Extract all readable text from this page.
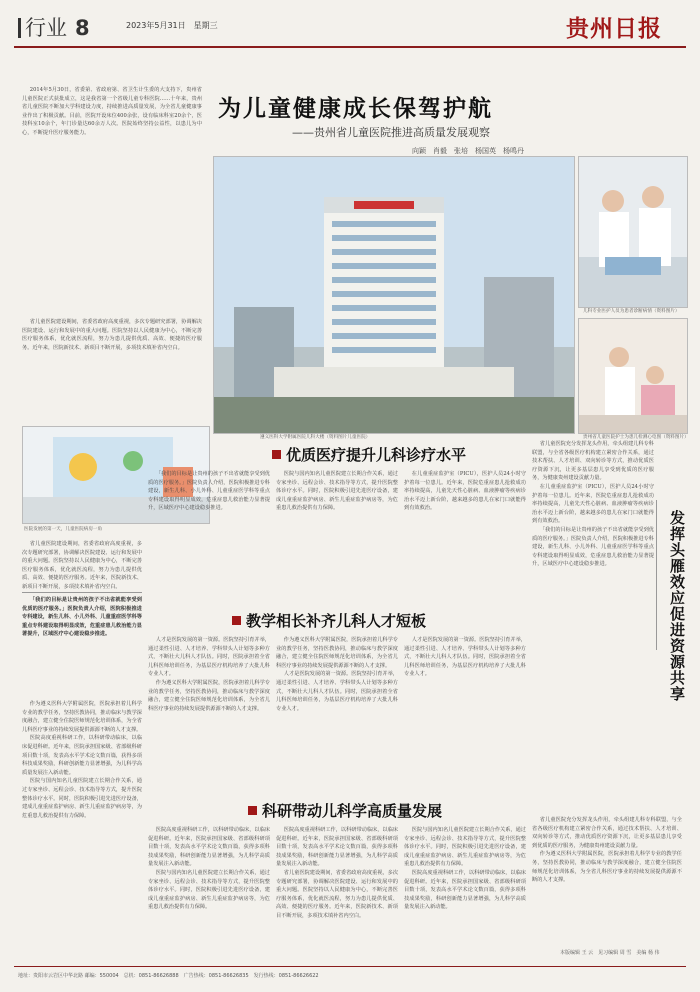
行业 8	2023年5月31日　星期三	贵州日报

2014年5月30日，省委第、省政府第、省卫生计生委的大支持下，贵州省儿童医院正式获批成立，这是我省第一个省级儿童专科医院……十年来，贵州省儿童医院不断加大学科建设力度，持续推进高质量发展，为全省儿童健康事业作出了积极贡献。目前，医院开设床位400余张，设有临床科室20余个，医技科室10余个，年门诊量达60余万人次。医院始终坚持公益性，以患儿为中心，不断提升医疗服务能力。

省儿童医院建设期间，省委省政府高度重视，多次专题研究部署，协调解决医院建设、运行和发展中的重大问题。医院坚持以人民健康为中心，不断完善医疗服务体系，优化就医流程，努力为患儿提供优质、高效、便捷的医疗服务。近年来，医院新技术、新项目不断开展，多项技术填补省内空白。

为儿童健康成长保驾护航
——贵州省儿童医院推进高质量发展观察
向颖　肖毅　张培　杨国英　杨鸣丹
遵义医科大学附属医院儿科大楼（资料图片儿童医院）
儿科专业医护人员为患者诊断病情（资料图片）
贵州省儿童医院护士为患儿检测心电图（资料图片）
医院发展的第一天，儿童医院病房一角
优质医疗提升儿科诊疗水平

省儿童医院建设期间，省委省政府高度重视，多次专题研究部署，协调解决医院建设、运行和发展中的重大问题。医院坚持以人民健康为中心，不断完善医疗服务体系，优化就医流程，努力为患儿提供优质、高效、便捷的医疗服务。近年来，医院新技术、新项目不断开展，多项技术填补省内空白。

「我们的目标是让贵州的孩子不出省就能享受到优质的医疗服务。」医院负责人介绍，医院积极推进专科建设，新生儿科、小儿外科、儿童重症医学科等重点专科建设取得明显成效，危重症患儿救治能力显著提升，区域医疗中心建设稳步推进。

医院与国内知名儿童医院建立长期合作关系，通过专家坐诊、远程会诊、技术指导等方式，提升医院整体诊疗水平。同时，医院积极引进先进医疗设备，建成儿童重症监护病房、新生儿重症监护病房等，为危重患儿救治提供有力保障。

在儿童重症监护室（PICU），医护人员24小时守护着每一位患儿。近年来，医院危重症患儿抢救成功率持续提高，儿童先天性心脏病、血液肿瘤等疾病诊治水平迈上新台阶，越来越多的患儿在家门口就能得到有效救治。

省儿童医院充分发挥龙头作用，牵头组建儿科专科联盟，与全省各级医疗机构建立紧密合作关系，通过技术帮扶、人才培训、双向转诊等方式，推动优质医疗资源下沉，让更多基层患儿享受到优质的医疗服务，为健康贵州建设贡献力量。

在儿童重症监护室（PICU），医护人员24小时守护着每一位患儿。近年来，医院危重症患儿抢救成功率持续提高，儿童先天性心脏病、血液肿瘤等疾病诊治水平迈上新台阶，越来越多的患儿在家门口就能得到有效救治。

「我们的目标是让贵州的孩子不出省就能享受到优质的医疗服务。」医院负责人介绍，医院积极推进专科建设，新生儿科、小儿外科、儿童重症医学科等重点专科建设取得明显成效，危重症患儿救治能力显著提升，区域医疗中心建设稳步推进。

「我们的目标是让贵州的孩子不出省就能享受到优质的医疗服务。」医院负责人介绍，医院积极推进专科建设，新生儿科、小儿外科、儿童重症医学科等重点专科建设取得明显成效，危重症患儿救治能力显著提升，区域医疗中心建设稳步推进。

教学相长补齐儿科人才短板

人才是医院发展的第一资源。医院坚持引育并举，通过柔性引进、人才培养、学科带头人计划等多种方式，不断壮大儿科人才队伍。同时，医院承担着全省儿科医师培训任务，为基层医疗机构培养了大批儿科专业人才。

作为遵义医科大学附属医院，医院承担着儿科学专业的教学任务，坚持医教协同，推动临床与教学深度融合，建立健全住院医师规范化培训体系，为全省儿科医疗事业的持续发展提供源源不断的人才支撑。

作为遵义医科大学附属医院，医院承担着儿科学专业的教学任务，坚持医教协同，推动临床与教学深度融合，建立健全住院医师规范化培训体系，为全省儿科医疗事业的持续发展提供源源不断的人才支撑。

人才是医院发展的第一资源。医院坚持引育并举，通过柔性引进、人才培养、学科带头人计划等多种方式，不断壮大儿科人才队伍。同时，医院承担着全省儿科医师培训任务，为基层医疗机构培养了大批儿科专业人才。

人才是医院发展的第一资源。医院坚持引育并举，通过柔性引进、人才培养、学科带头人计划等多种方式，不断壮大儿科人才队伍。同时，医院承担着全省儿科医师培训任务，为基层医疗机构培养了大批儿科专业人才。

作为遵义医科大学附属医院，医院承担着儿科学专业的教学任务，坚持医教协同，推动临床与教学深度融合，建立健全住院医师规范化培训体系，为全省儿科医疗事业的持续发展提供源源不断的人才支撑。

医院高度重视科研工作，以科研带动临床，以临床促进科研。近年来，医院承担国家级、省部级科研项目数十项，发表高水平学术论文数百篇，获得多项科技成果奖励，科研创新能力显著增强，为儿科学高质量发展注入新动能。

医院与国内知名儿童医院建立长期合作关系，通过专家坐诊、远程会诊、技术指导等方式，提升医院整体诊疗水平。同时，医院积极引进先进医疗设备，建成儿童重症监护病房、新生儿重症监护病房等，为危重患儿救治提供有力保障。	科研带动儿科学高质量发展

医院高度重视科研工作，以科研带动临床，以临床促进科研。近年来，医院承担国家级、省部级科研项目数十项，发表高水平学术论文数百篇，获得多项科技成果奖励，科研创新能力显著增强，为儿科学高质量发展注入新动能。

医院与国内知名儿童医院建立长期合作关系，通过专家坐诊、远程会诊、技术指导等方式，提升医院整体诊疗水平。同时，医院积极引进先进医疗设备，建成儿童重症监护病房、新生儿重症监护病房等，为危重患儿救治提供有力保障。

医院高度重视科研工作，以科研带动临床，以临床促进科研。近年来，医院承担国家级、省部级科研项目数十项，发表高水平学术论文数百篇，获得多项科技成果奖励，科研创新能力显著增强，为儿科学高质量发展注入新动能。

省儿童医院建设期间，省委省政府高度重视，多次专题研究部署，协调解决医院建设、运行和发展中的重大问题。医院坚持以人民健康为中心，不断完善医疗服务体系，优化就医流程，努力为患儿提供优质、高效、便捷的医疗服务。近年来，医院新技术、新项目不断开展，多项技术填补省内空白。

医院与国内知名儿童医院建立长期合作关系，通过专家坐诊、远程会诊、技术指导等方式，提升医院整体诊疗水平。同时，医院积极引进先进医疗设备，建成儿童重症监护病房、新生儿重症监护病房等，为危重患儿救治提供有力保障。

医院高度重视科研工作，以科研带动临床，以临床促进科研。近年来，医院承担国家级、省部级科研项目数十项，发表高水平学术论文数百篇，获得多项科技成果奖励，科研创新能力显著增强，为儿科学高质量发展注入新动能。

省儿童医院充分发挥龙头作用，牵头组建儿科专科联盟，与全省各级医疗机构建立紧密合作关系，通过技术帮扶、人才培训、双向转诊等方式，推动优质医疗资源下沉，让更多基层患儿享受到优质的医疗服务，为健康贵州建设贡献力量。

作为遵义医科大学附属医院，医院承担着儿科学专业的教学任务，坚持医教协同，推动临床与教学深度融合，建立健全住院医师规范化培训体系，为全省儿科医疗事业的持续发展提供源源不断的人才支撑。

发挥头雁效应促进资源共享
本版编辑 王 云　见习编辑 周 雪　美编 杨 伟
地址：贵阳市云岩区中华北路 邮编：550004　总机：0851-86626888　广告热线：0851-86626835　发行热线：0851-86626622
